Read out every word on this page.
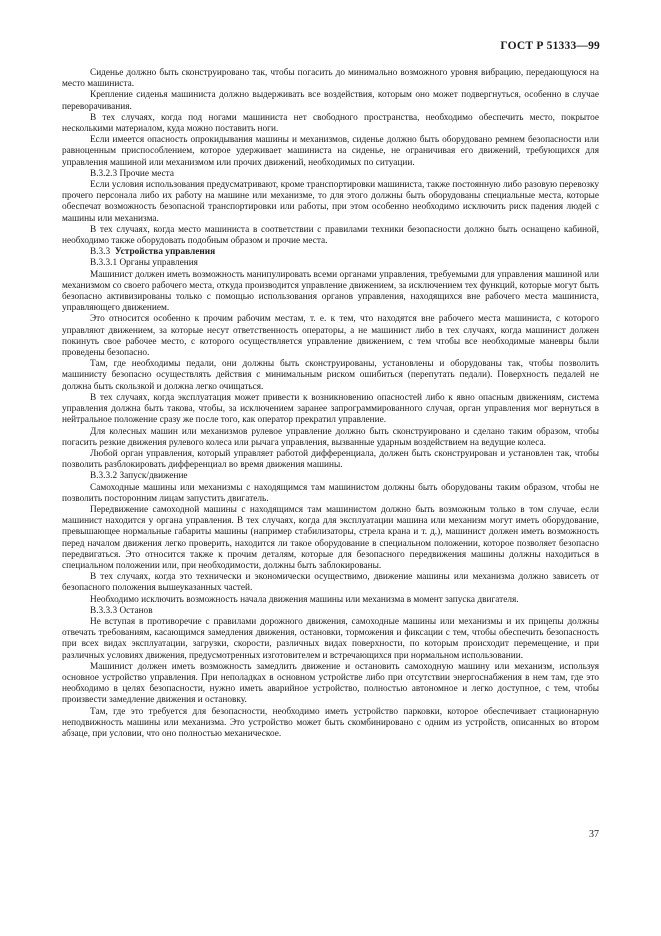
ГОСТ Р 51333—99

Сиденье должно быть сконструировано так, чтобы погасить до минимально возможного уровня вибрацию, передающуюся на место машиниста.

Крепление сиденья машиниста должно выдерживать все воздействия, которым оно может подвергнуться, особенно в случае переворачивания.

В тех случаях, когда под ногами машиниста нет свободного пространства, необходимо обеспечить место, покрытое несколькими материалом, куда можно поставить ноги.

Если имеется опасность опрокидывания машины и механизмов, сиденье должно быть оборудовано ремнем безопасности или равноценным приспособлением, которое удерживает машиниста на сиденье, не ограничивая его движений, требующихся для управления машиной или механизмом или прочих движений, необходимых по ситуации.

В.3.2.3 Прочие места

Если условия использования предусматривают, кроме транспортировки машиниста, также постоянную либо разовую перевозку прочего персонала либо их работу на машине или механизме, то для этого должны быть оборудованы специальные места, которые обеспечат возможность безопасной транспортировки или работы, при этом особенно необходимо исключить риск падения людей с машины или механизма.

В тех случаях, когда место машиниста в соответствии с правилами техники безопасности должно быть оснащено кабиной, необходимо также оборудовать подобным образом и прочие места.

В.3.3 Устройства управления

В.3.3.1 Органы управления

Машинист должен иметь возможность манипулировать всеми органами управления, требуемыми для управления машиной или механизмом со своего рабочего места, откуда производится управление движением, за исключением тех функций, которые могут быть безопасно активизированы только с помощью использования органов управления, находящихся вне рабочего места машиниста, управляющего движением.

Это относится особенно к прочим рабочим местам, т. е. к тем, что находятся вне рабочего места машиниста, с которого управляют движением, за которые несут ответственность операторы, а не машинист либо в тех случаях, когда машинист должен покинуть свое рабочее место, с которого осуществляется управление движением, с тем чтобы все необходимые маневры были проведены безопасно.

Там, где необходимы педали, они должны быть сконструированы, установлены и оборудованы так, чтобы позволить машинисту безопасно осуществлять действия с минимальным риском ошибиться (перепутать педали). Поверхность педалей не должна быть скользкой и должна легко очищаться.

В тех случаях, когда эксплуатация может привести к возникновению опасностей либо к явно опасным движениям, система управления должна быть такова, чтобы, за исключением заранее запрограммированного случая, орган управления мог вернуться в нейтральное положение сразу же после того, как оператор прекратил управление.

Для колесных машин или механизмов рулевое управление должно быть сконструировано и сделано таким образом, чтобы погасить резкие движения рулевого колеса или рычага управления, вызванные ударным воздействием на ведущие колеса.

Любой орган управления, который управляет работой дифференциала, должен быть сконструирован и установлен так, чтобы позволить разблокировать дифференциал во время движения машины.

В.3.3.2 Запуск/движение

Самоходные машины или механизмы с находящимся там машинистом должны быть оборудованы таким образом, чтобы не позволить посторонним лицам запустить двигатель.

Передвижение самоходной машины с находящимся там машинистом должно быть возможным только в том случае, если машинист находится у органа управления. В тех случаях, когда для эксплуатации машина или механизм могут иметь оборудование, превышающее нормальные габариты машины (например стабилизаторы, стрела крана и т. д.), машинист должен иметь возможность перед началом движения легко проверить, находится ли такое оборудование в специальном положении, которое позволяет безопасно передвигаться. Это относится также к прочим деталям, которые для безопасного передвижения машины должны находиться в специальном положении или, при необходимости, должны быть заблокированы.

В тех случаях, когда это технически и экономически осуществимо, движение машины или механизма должно зависеть от безопасного положения вышеуказанных частей.

Необходимо исключить возможность начала движения машины или механизма в момент запуска двигателя.

В.3.3.3 Останов

Не вступая в противоречие с правилами дорожного движения, самоходные машины или механизмы и их прицепы должны отвечать требованиям, касающимся замедления движения, остановки, торможения и фиксации с тем, чтобы обеспечить безопасность при всех видах эксплуатации, загрузки, скорости, различных видах поверхности, по которым происходит перемещение, и при различных условиях движения, предусмотренных изготовителем и встречающихся при нормальном использовании.

Машинист должен иметь возможность замедлить движение и остановить самоходную машину или механизм, используя основное устройство управления. При неполадках в основном устройстве либо при отсутствии энергоснабжения в нем там, где это необходимо в целях безопасности, нужно иметь аварийное устройство, полностью автономное и легко доступное, с тем, чтобы произвести замедление движения и остановку.

Там, где это требуется для безопасности, необходимо иметь устройство парковки, которое обеспечивает стационарную неподвижность машины или механизма. Это устройство может быть скомбинировано с одним из устройств, описанных во втором абзаце, при условии, что оно полностью механическое.

37
